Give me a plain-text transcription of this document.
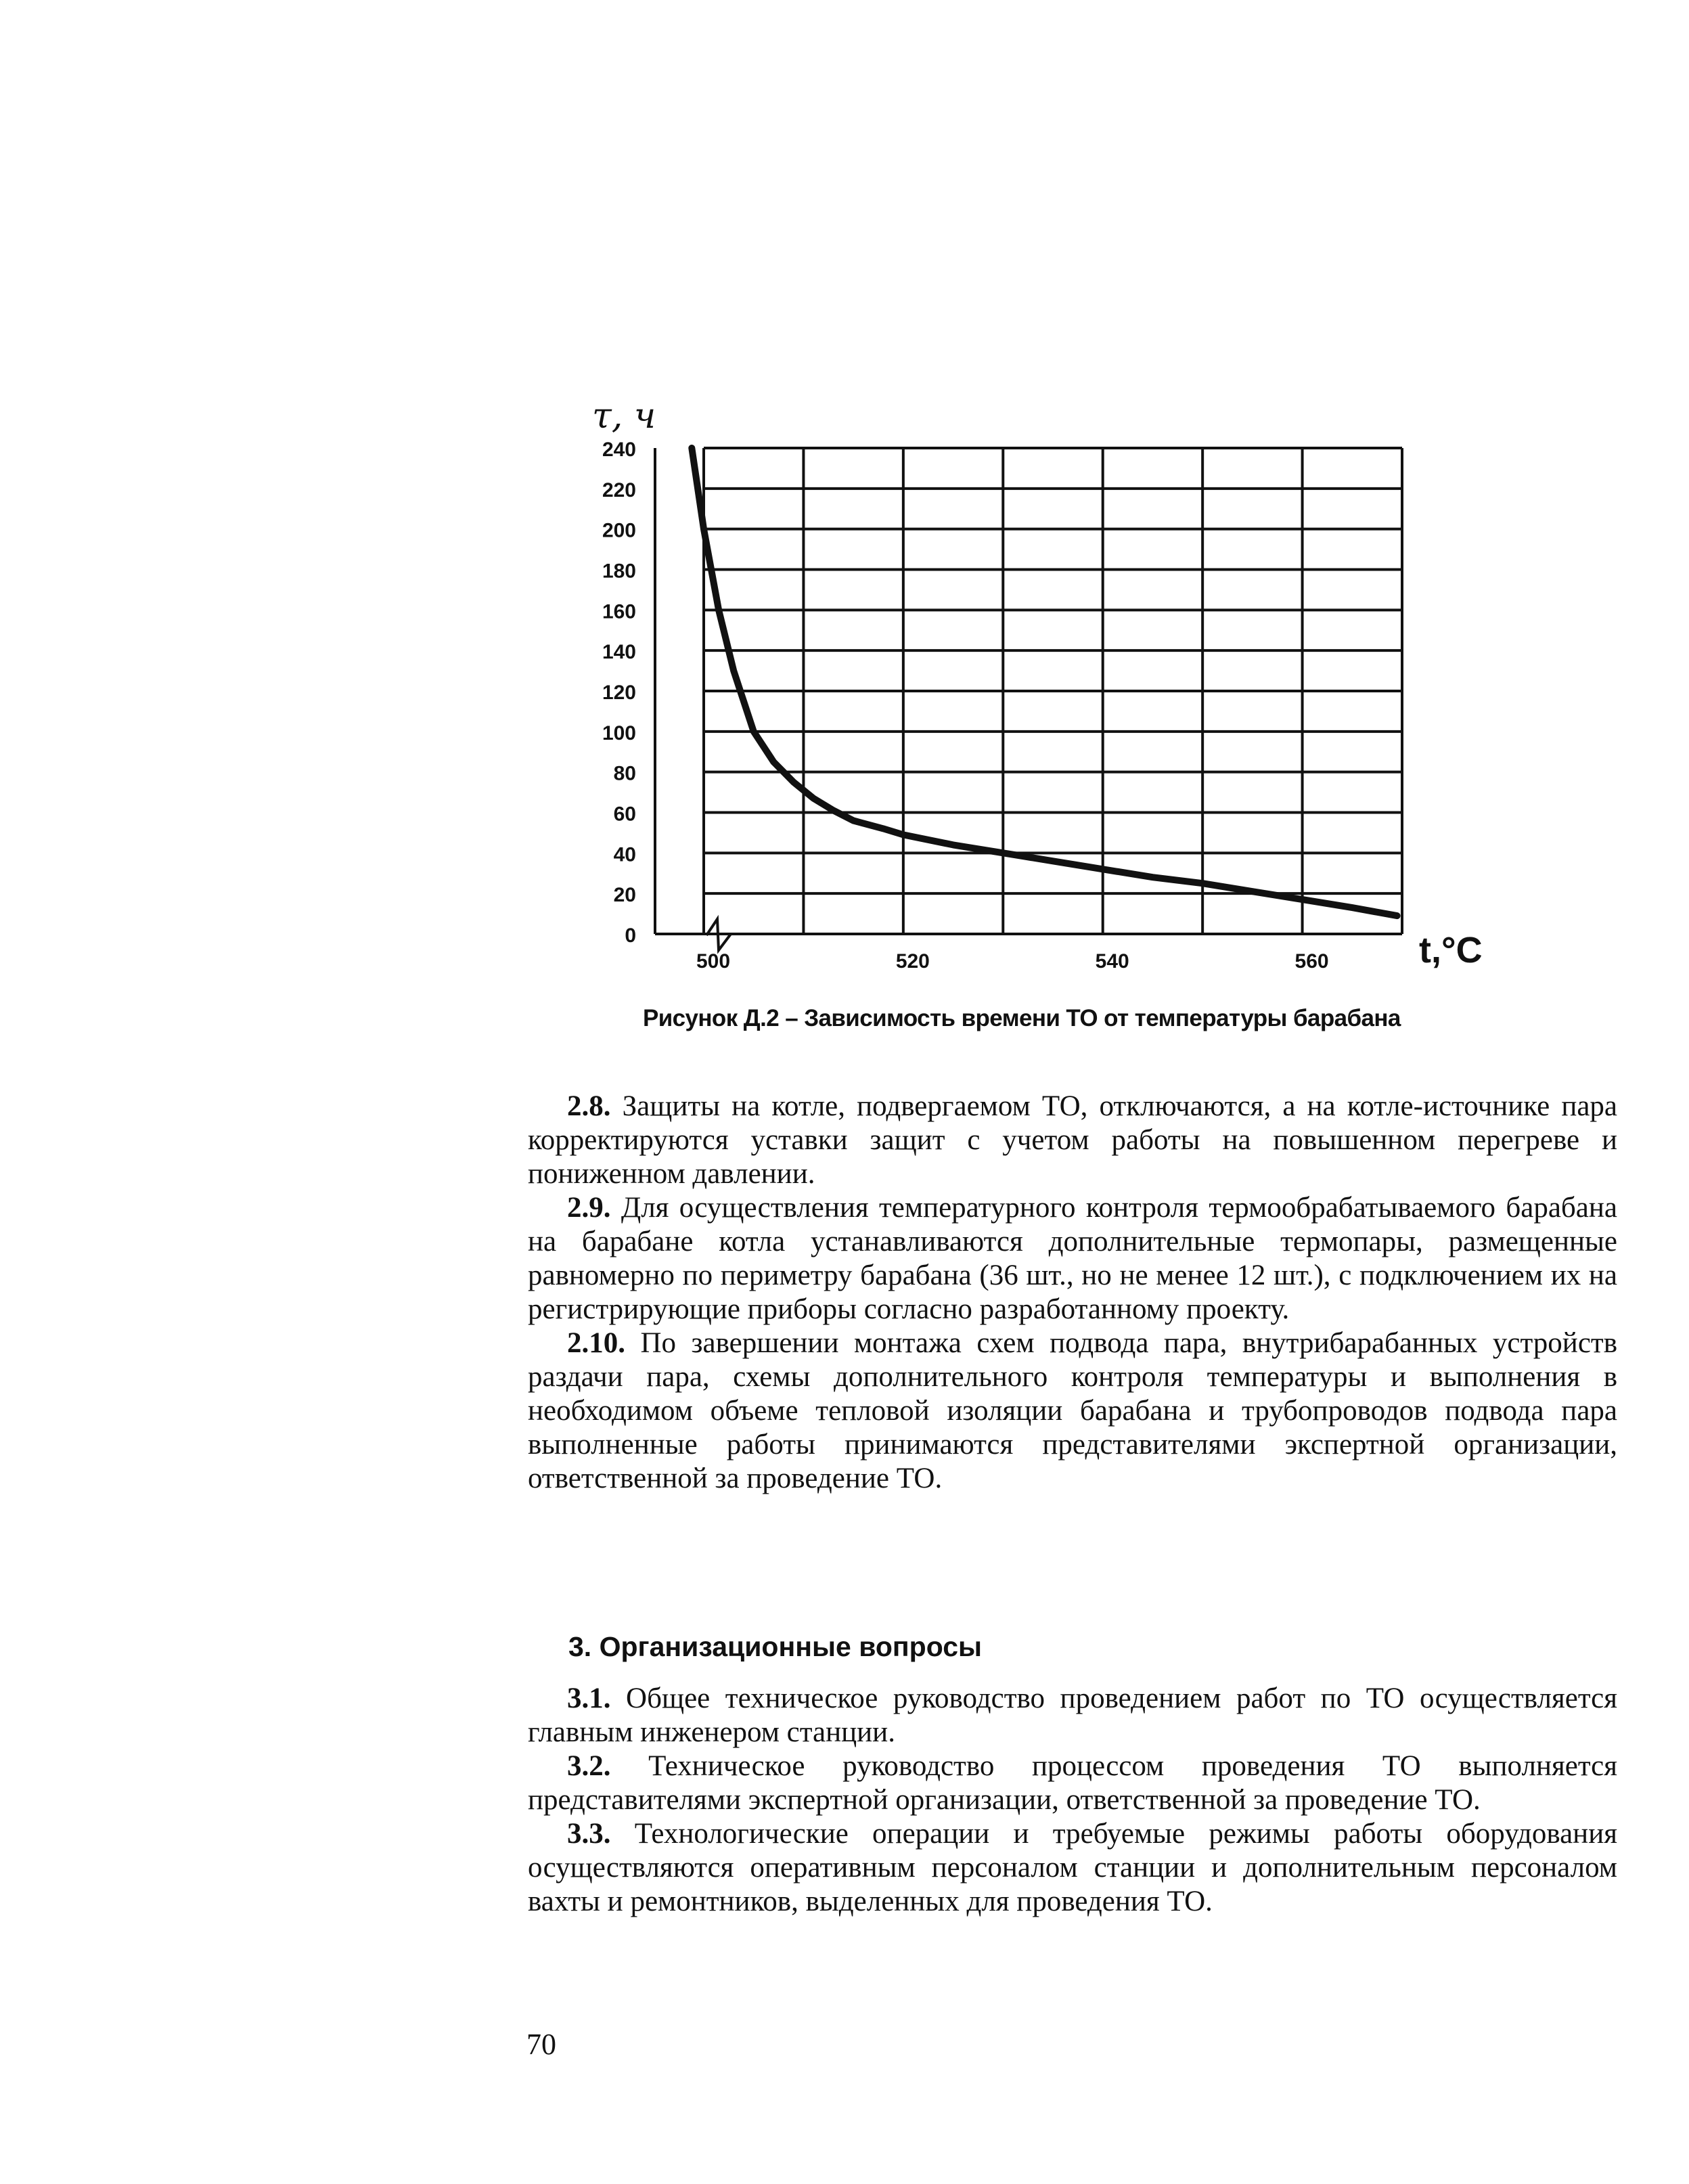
240
220
200
180
160
140
120
100
80
60
40
20
0
500	520	540	560
τ, ч
t,°C
Рисунок Д.2 – Зависимость времени ТО от температуры барабана

2.8. Защиты на котле, подвергаемом ТО, отключаются, а на котле-источнике пара корректируются уставки защит с учетом работы на повышенном перегреве и пониженном давлении.

2.9. Для осуществления температурного контроля термообрабатываемого барабана на барабане котла устанавливаются дополнительные термопары, размещенные равномерно по периметру барабана (36 шт., но не менее 12 шт.), с подключением их на регистрирующие приборы согласно разработанному проекту.

2.10. По завершении монтажа схем подвода пара, внутрибарабанных устройств раздачи пара, схемы дополнительного контроля температуры и выполнения в необходимом объеме тепловой изоляции барабана и трубопроводов подвода пара выполненные работы принимаются представителями экспертной организации, ответственной за проведение ТО.

3. Организационные вопросы

3.1. Общее техническое руководство проведением работ по ТО осуществляется главным инженером станции.

3.2. Техническое руководство процессом проведения ТО выполняется представителями экспертной организации, ответственной за проведение ТО.

3.3. Технологические операции и требуемые режимы работы оборудования осуществляются оперативным персоналом станции и дополнительным персоналом вахты и ремонтников, выделенных для проведения ТО.

70
